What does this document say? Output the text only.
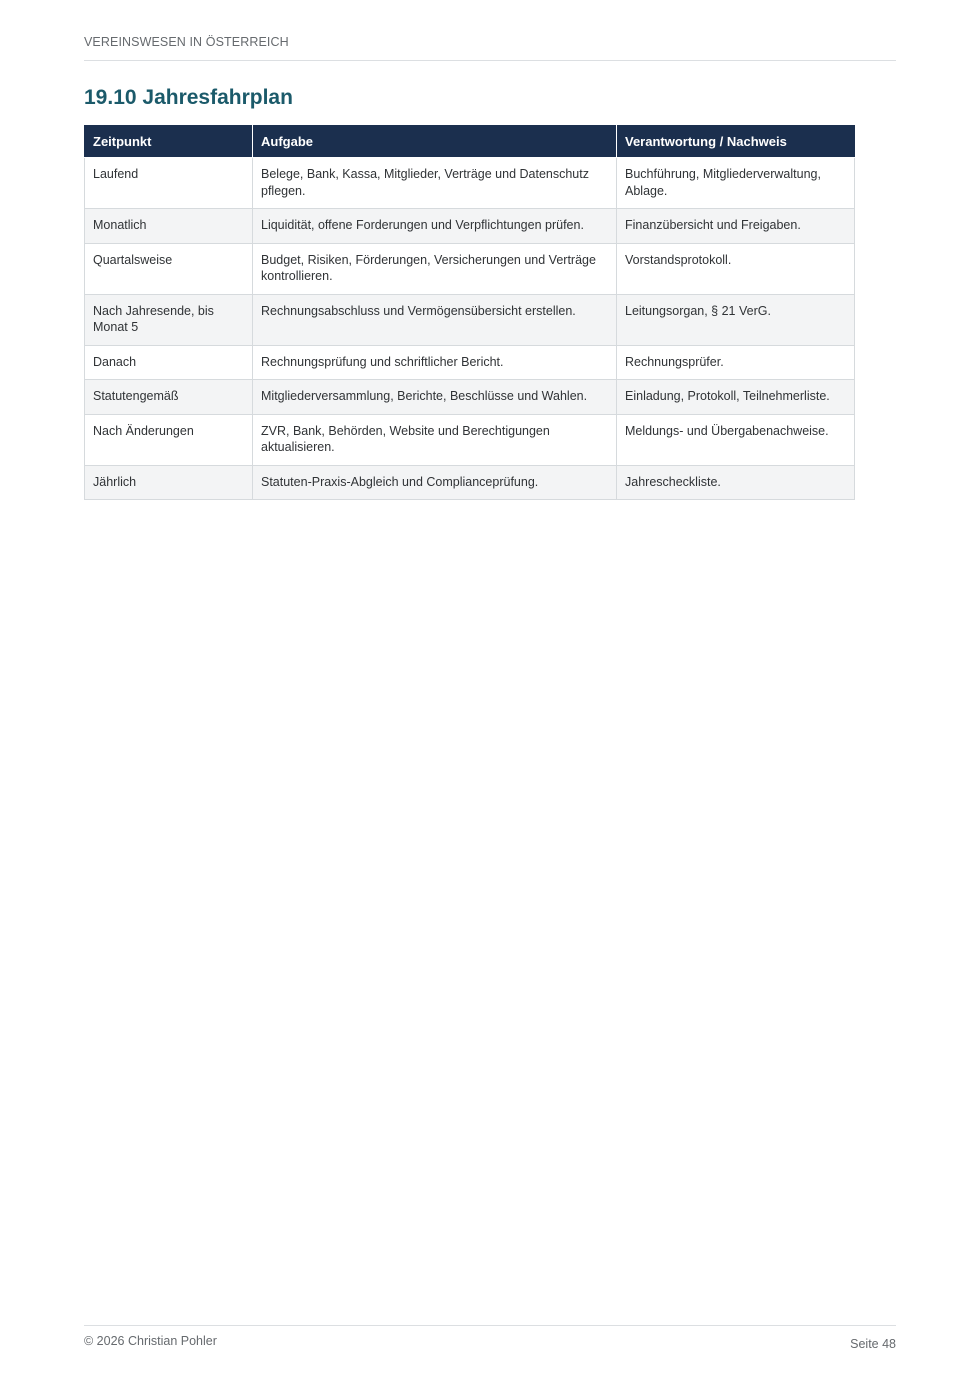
VEREINSWESEN IN ÖSTERREICH
19.10 Jahresfahrplan
Zeitpunkt	Aufgabe	Verantwortung / Nachweis
Laufend	Belege, Bank, Kassa, Mitglieder, Verträge und Datenschutz pflegen.	Buchführung, Mitgliederverwaltung, Ablage.
Monatlich	Liquidität, offene Forderungen und Verpflichtungen prüfen.	Finanzübersicht und Freigaben.
Quartalsweise	Budget, Risiken, Förderungen, Versicherungen und Verträge kontrollieren.	Vorstandsprotokoll.
Nach Jahresende, bis Monat 5	Rechnungsabschluss und Vermögensübersicht erstellen.	Leitungsorgan, § 21 VerG.
Danach	Rechnungsprüfung und schriftlicher Bericht.	Rechnungsprüfer.
Statutengemäß	Mitgliederversammlung, Berichte, Beschlüsse und Wahlen.	Einladung, Protokoll, Teilnehmerliste.
Nach Änderungen	ZVR, Bank, Behörden, Website und Berechtigungen aktualisieren.	Meldungs- und Übergabenachweise.
Jährlich	Statuten-Praxis-Abgleich und Complianceprüfung.	Jahrescheckliste.
© 2026 Christian Pohler	Seite 48
